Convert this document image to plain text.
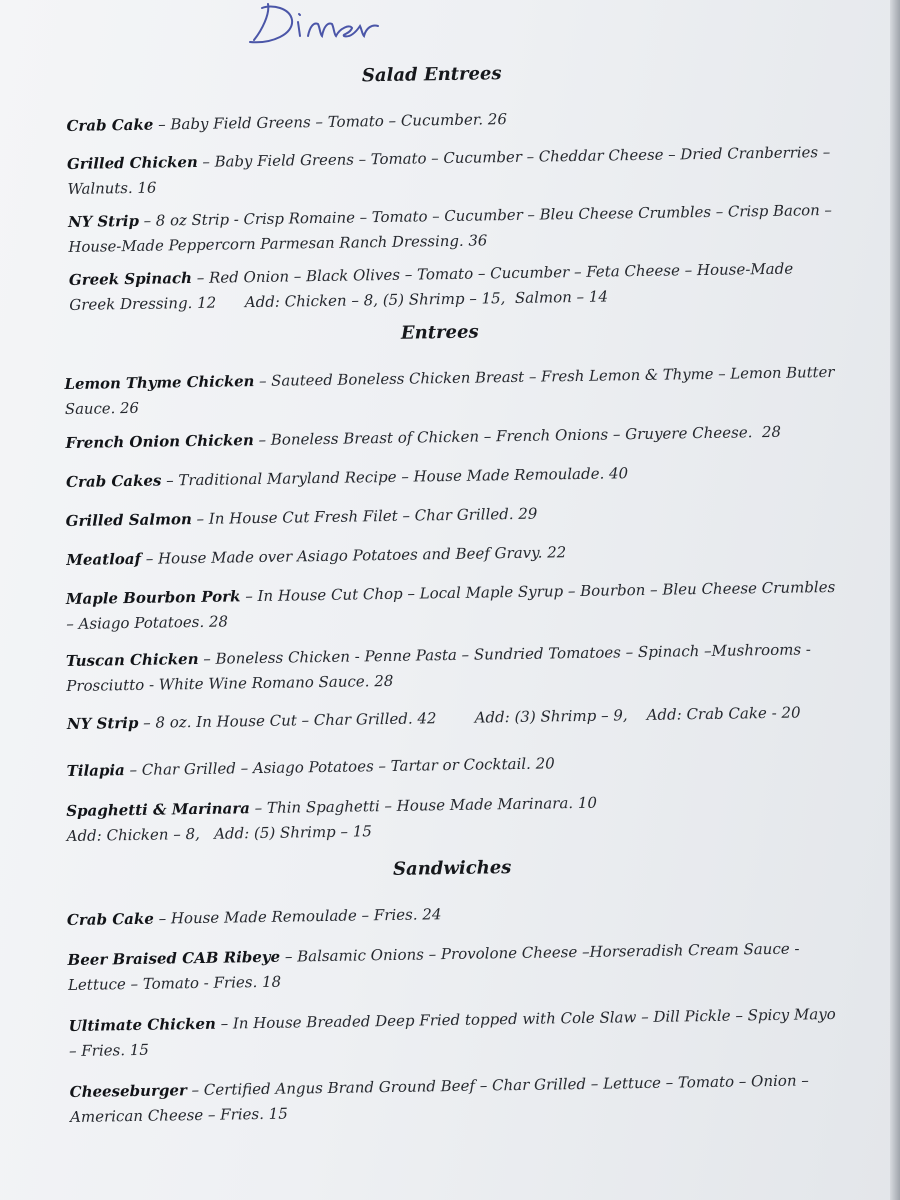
Salad Entrees
Crab Cake – Baby Field Greens – Tomato – Cucumber. 26
Grilled Chicken – Baby Field Greens – Tomato – Cucumber – Cheddar Cheese – Dried Cranberries –
Walnuts. 16
NY Strip – 8 oz Strip - Crisp Romaine – Tomato – Cucumber – Bleu Cheese Crumbles – Crisp Bacon –
House-Made Peppercorn Parmesan Ranch Dressing. 36
Greek Spinach – Red Onion – Black Olives – Tomato – Cucumber – Feta Cheese – House-Made
Greek Dressing. 12      Add: Chicken – 8, (5) Shrimp – 15,  Salmon – 14
Entrees
Lemon Thyme Chicken – Sauteed Boneless Chicken Breast – Fresh Lemon & Thyme – Lemon Butter
Sauce. 26
French Onion Chicken – Boneless Breast of Chicken – French Onions – Gruyere Cheese.  28
Crab Cakes – Traditional Maryland Recipe – House Made Remoulade. 40
Grilled Salmon – In House Cut Fresh Filet – Char Grilled. 29
Meatloaf – House Made over Asiago Potatoes and Beef Gravy. 22
Maple Bourbon Pork – In House Cut Chop – Local Maple Syrup – Bourbon – Bleu Cheese Crumbles
– Asiago Potatoes. 28
Tuscan Chicken – Boneless Chicken - Penne Pasta – Sundried Tomatoes – Spinach –Mushrooms -
Prosciutto - White Wine Romano Sauce. 28
NY Strip – 8 oz. In House Cut – Char Grilled. 42        Add: (3) Shrimp – 9,    Add: Crab Cake - 20
Tilapia – Char Grilled – Asiago Potatoes – Tartar or Cocktail. 20
Spaghetti & Marinara – Thin Spaghetti – House Made Marinara. 10
Add: Chicken – 8,   Add: (5) Shrimp – 15
Sandwiches
Crab Cake – House Made Remoulade – Fries. 24
Beer Braised CAB Ribeye – Balsamic Onions – Provolone Cheese –Horseradish Cream Sauce -
Lettuce – Tomato - Fries. 18
Ultimate Chicken – In House Breaded Deep Fried topped with Cole Slaw – Dill Pickle – Spicy Mayo
– Fries. 15
Cheeseburger – Certified Angus Brand Ground Beef – Char Grilled – Lettuce – Tomato – Onion –
American Cheese – Fries. 15
